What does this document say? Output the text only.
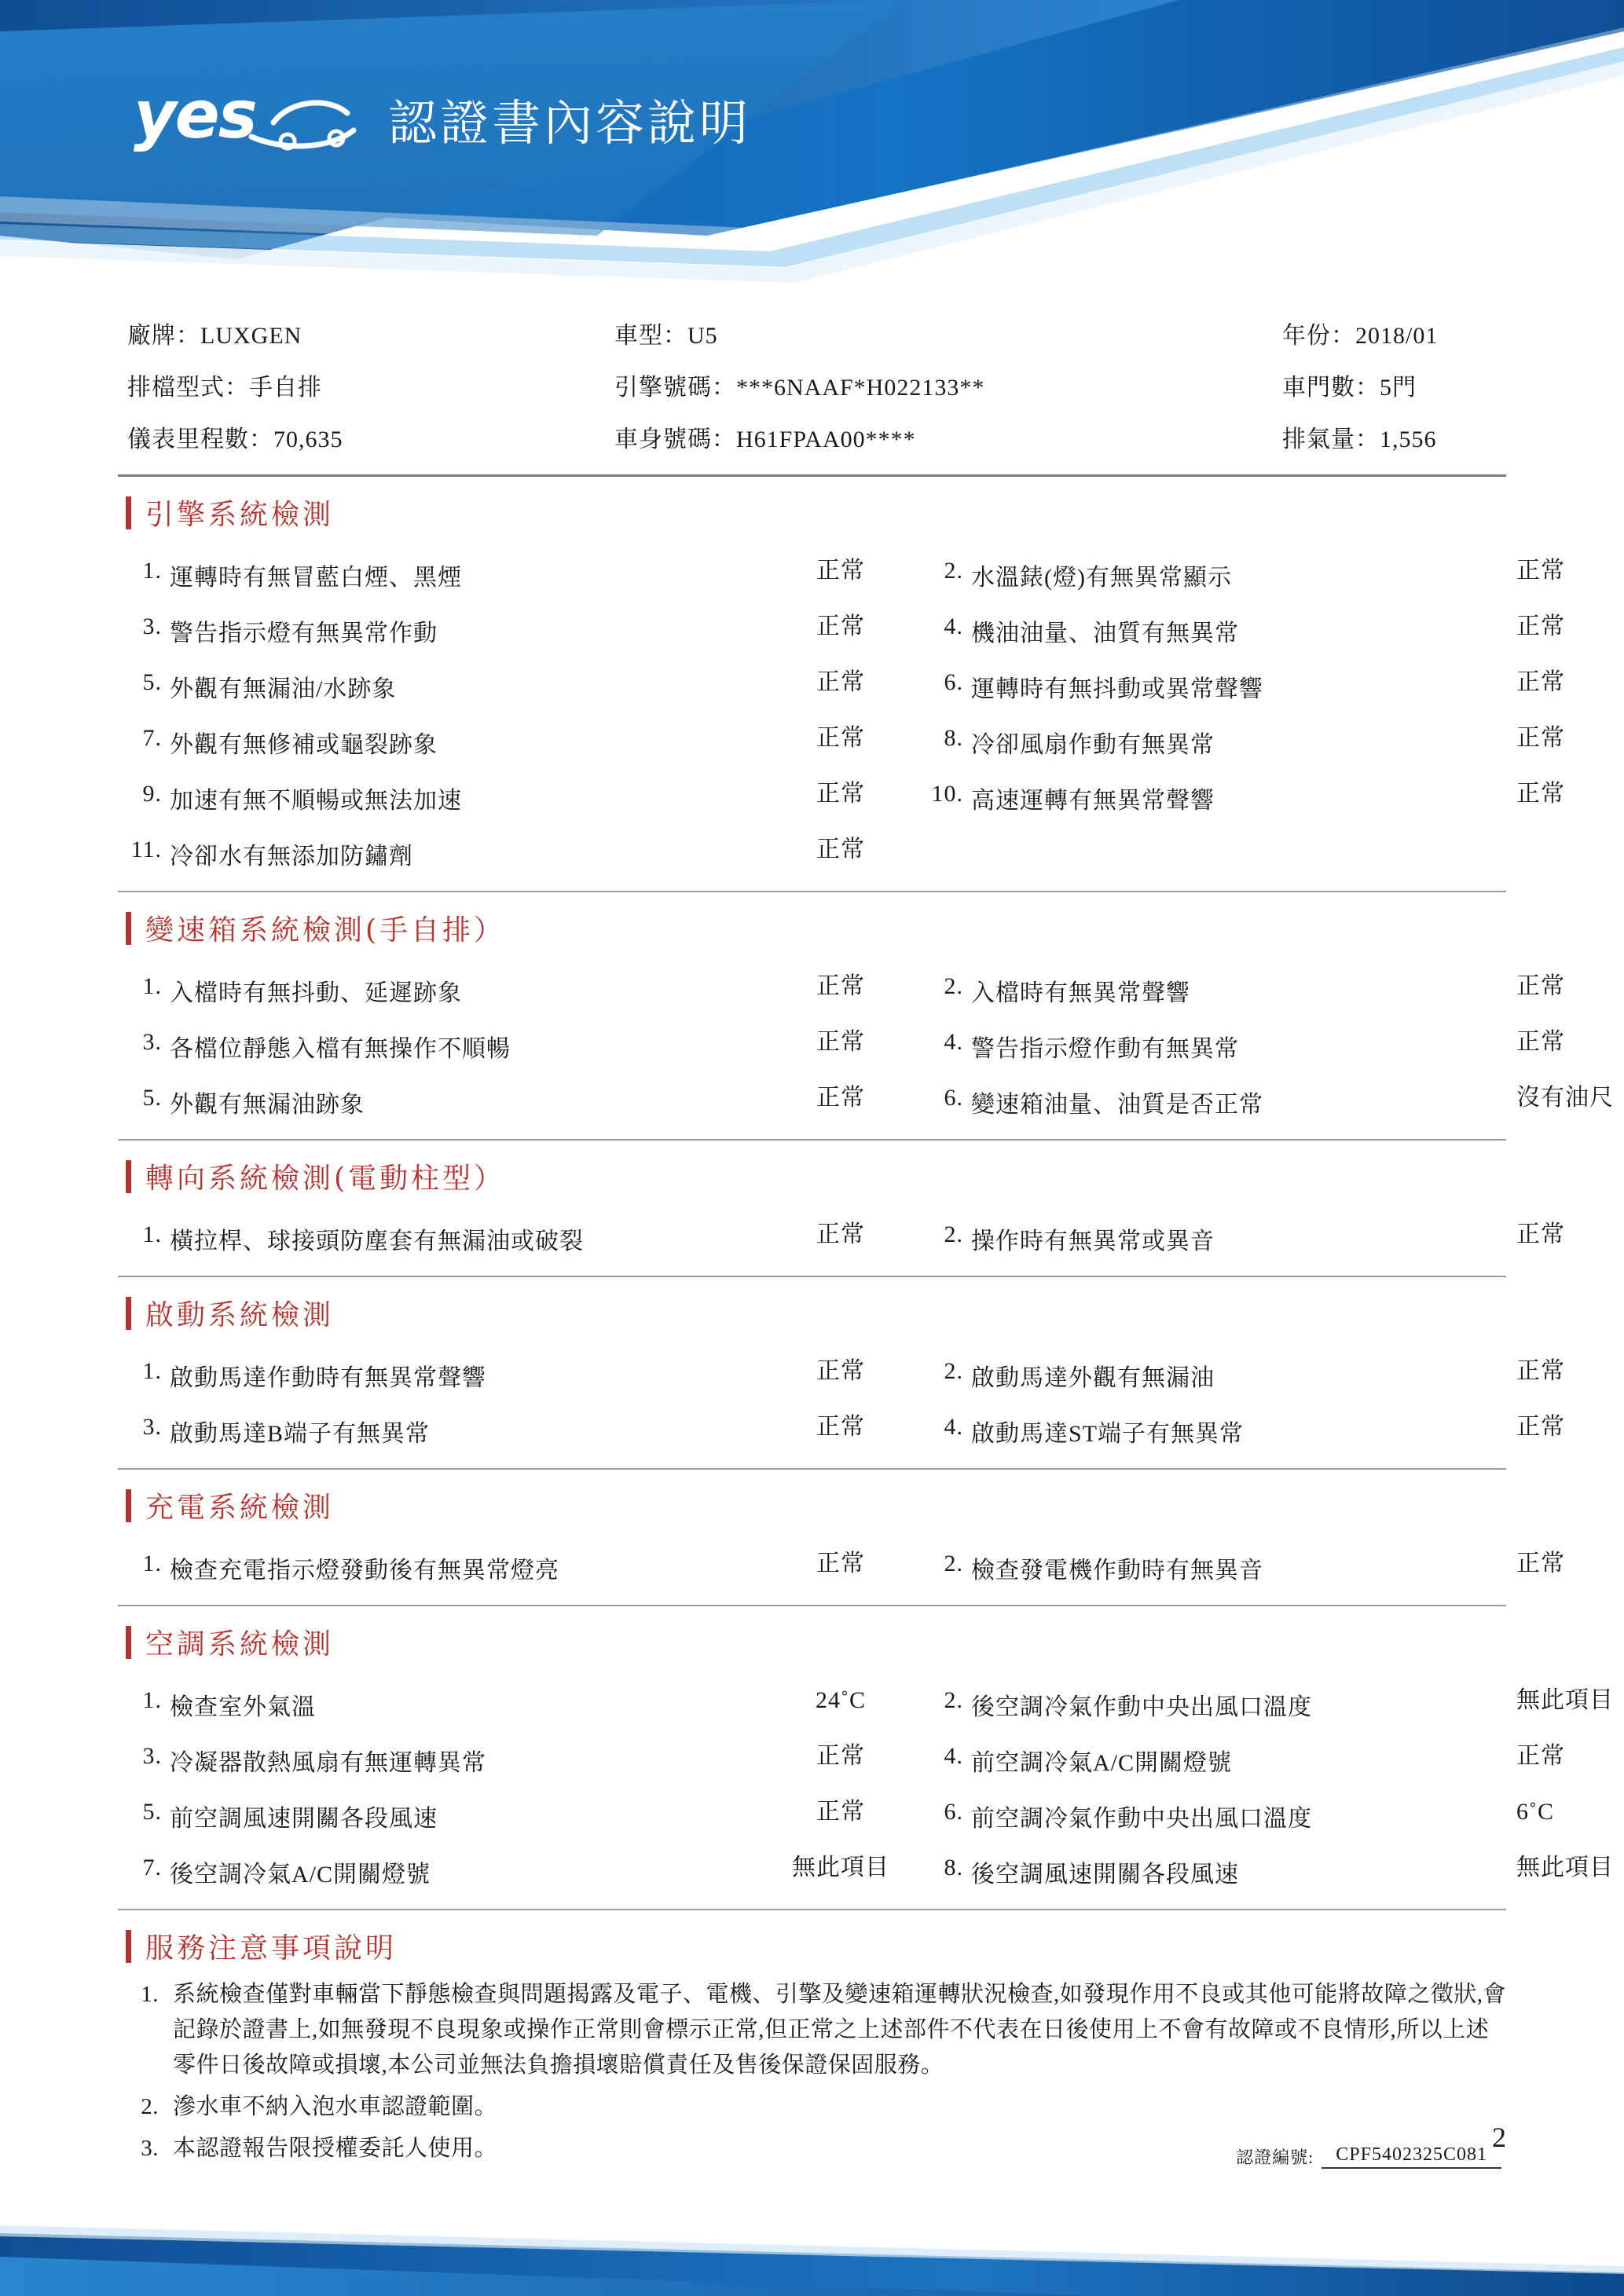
yes	認證書內容說明
廠牌：LUXGEN	車型：U5	年份：2018/01
排檔型式：手自排	引擎號碼：***6NAAF*H022133**	車門數：5門
儀表里程數：70,635	車身號碼：H61FPAA00****	排氣量：1,556
引擎系統檢測
1. 運轉時有無冒藍白煙、黑煙	正常	2. 水溫錶(燈)有無異常顯示	正常
3. 警告指示燈有無異常作動	正常	4. 機油油量、油質有無異常	正常
5. 外觀有無漏油/水跡象	正常	6. 運轉時有無抖動或異常聲響	正常
7. 外觀有無修補或龜裂跡象	正常	8. 冷卻風扇作動有無異常	正常
9. 加速有無不順暢或無法加速	正常	10. 高速運轉有無異常聲響	正常
11. 冷卻水有無添加防鏽劑	正常
變速箱系統檢測(手自排）
1. 入檔時有無抖動、延遲跡象	正常	2. 入檔時有無異常聲響	正常
3. 各檔位靜態入檔有無操作不順暢	正常	4. 警告指示燈作動有無異常	正常
5. 外觀有無漏油跡象	正常	6. 變速箱油量、油質是否正常	沒有油尺
轉向系統檢測(電動柱型）
1. 橫拉桿、球接頭防塵套有無漏油或破裂	正常	2. 操作時有無異常或異音	正常
啟動系統檢測
1. 啟動馬達作動時有無異常聲響	正常	2. 啟動馬達外觀有無漏油	正常
3. 啟動馬達B端子有無異常	正常	4. 啟動馬達ST端子有無異常	正常
充電系統檢測
1. 檢查充電指示燈發動後有無異常燈亮	正常	2. 檢查發電機作動時有無異音	正常
空調系統檢測
1. 檢查室外氣溫	24˚C	2. 後空調冷氣作動中央出風口溫度	無此項目
3. 冷凝器散熱風扇有無運轉異常	正常	4. 前空調冷氣A/C開關燈號	正常
5. 前空調風速開關各段風速	正常	6. 前空調冷氣作動中央出風口溫度	6˚C
7. 後空調冷氣A/C開關燈號	無此項目	8. 後空調風速開關各段風速	無此項目
服務注意事項說明
1. 系統檢查僅對車輛當下靜態檢查與問題揭露及電子、電機、引擎及變速箱運轉狀況檢查,如發現作用不良或其他可能將故障之徵狀,會記錄於證書上,如無發現不良現象或操作正常則會標示正常,但正常之上述部件不代表在日後使用上不會有故障或不良情形,所以上述零件日後故障或損壞,本公司並無法負擔損壞賠償責任及售後保證保固服務。
2. 滲水車不納入泡水車認證範圍。
3. 本認證報告限授權委託人使用。	認證編號:	CPF5402325C081
2
